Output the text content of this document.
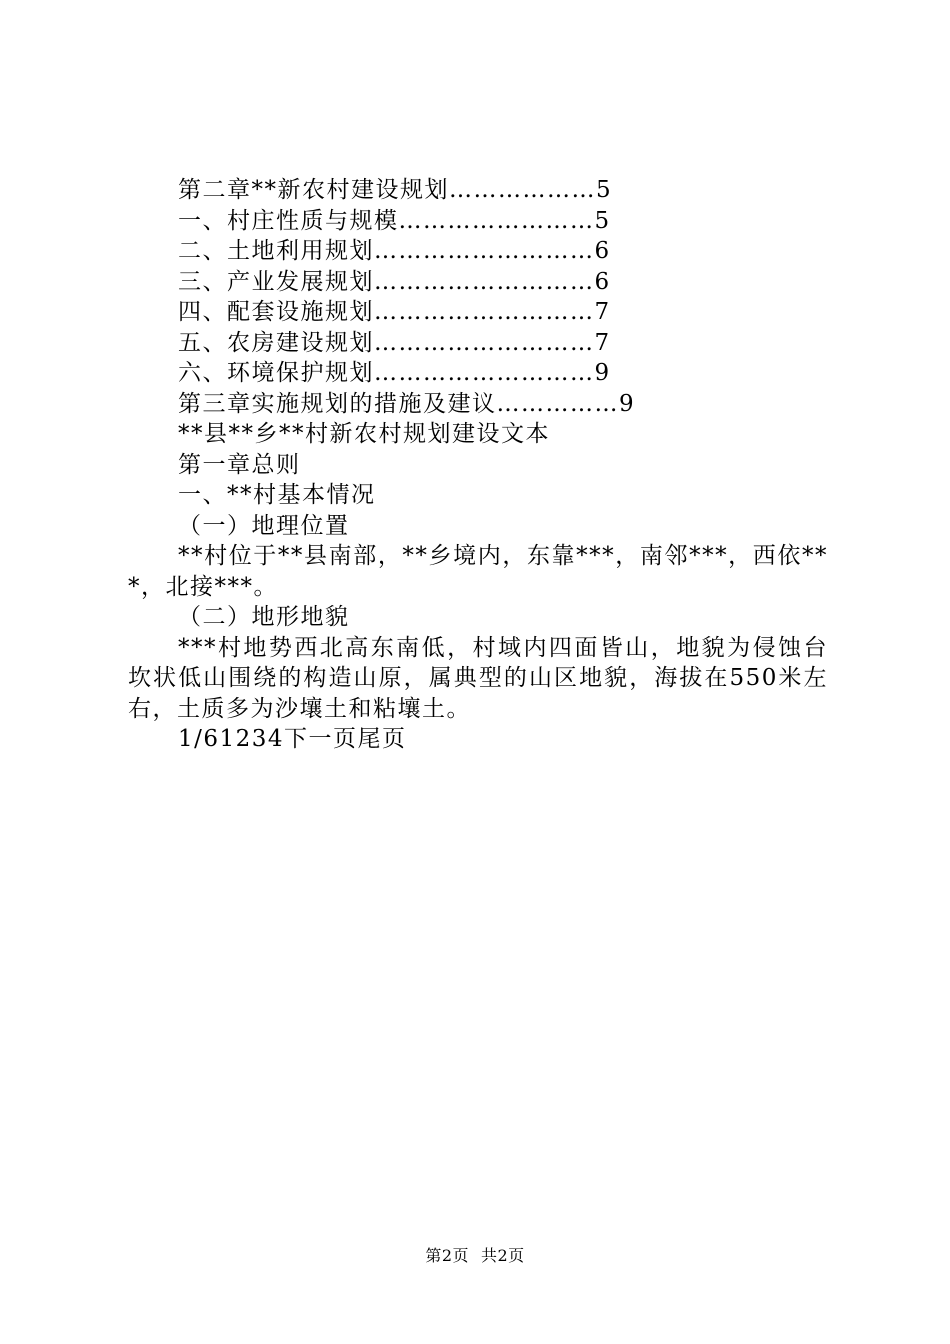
第二章**新农村建设规划………………5
一、村庄性质与规模……………………5
二、土地利用规划………………………6
三、产业发展规划………………………6
四、配套设施规划………………………7
五、农房建设规划………………………7
六、环境保护规划………………………9
第三章实施规划的措施及建议……………9
**县**乡**村新农村规划建设文本
第一章总则
一、**村基本情况
（一）地理位置
**村位于**县南部，**乡境内，东靠***，南邻***，西依***，北接***。
（二）地形地貌
***村地势西北高东南低，村域内四面皆山，地貌为侵蚀台坎状低山围绕的构造山原，属典型的山区地貌，海拔在550米左右，土质多为沙壤土和粘壤土。
1/61234下一页尾页
第2页 共2页
